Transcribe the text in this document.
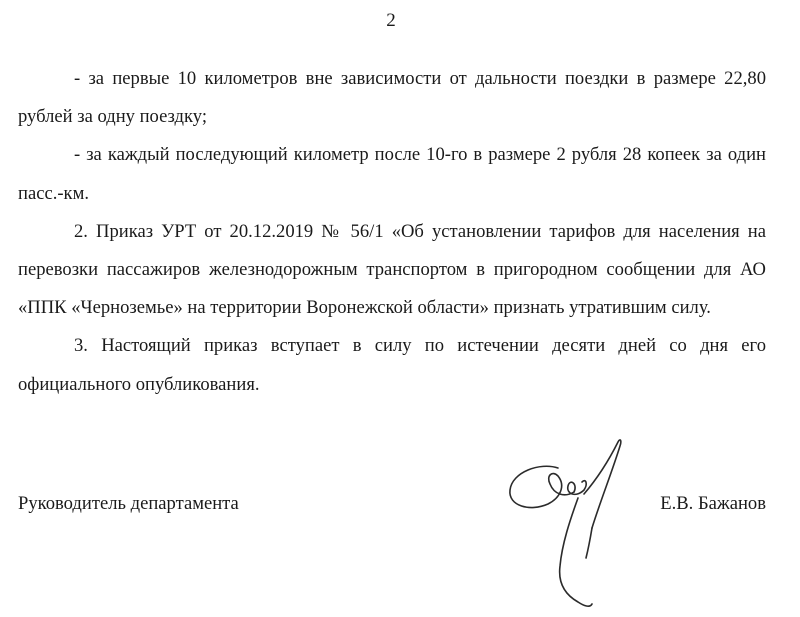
2

- за первые 10 километров вне зависимости от дальности поездки в размере 22,80 рублей за одну поездку;

- за каждый последующий километр после 10-го в размере 2 рубля 28 копеек за один пасс.-км.

2. Приказ УРТ от 20.12.2019 № 56/1 «Об установлении тарифов для населения на перевозки пассажиров железнодорожным транспортом в пригородном сообщении для АО «ППК «Черноземье» на территории Воронежской области» признать утратившим силу.

3. Настоящий приказ вступает в силу по истечении десяти дней со дня его официального опубликования.

Руководитель департамента	Е.В. Бажанов
